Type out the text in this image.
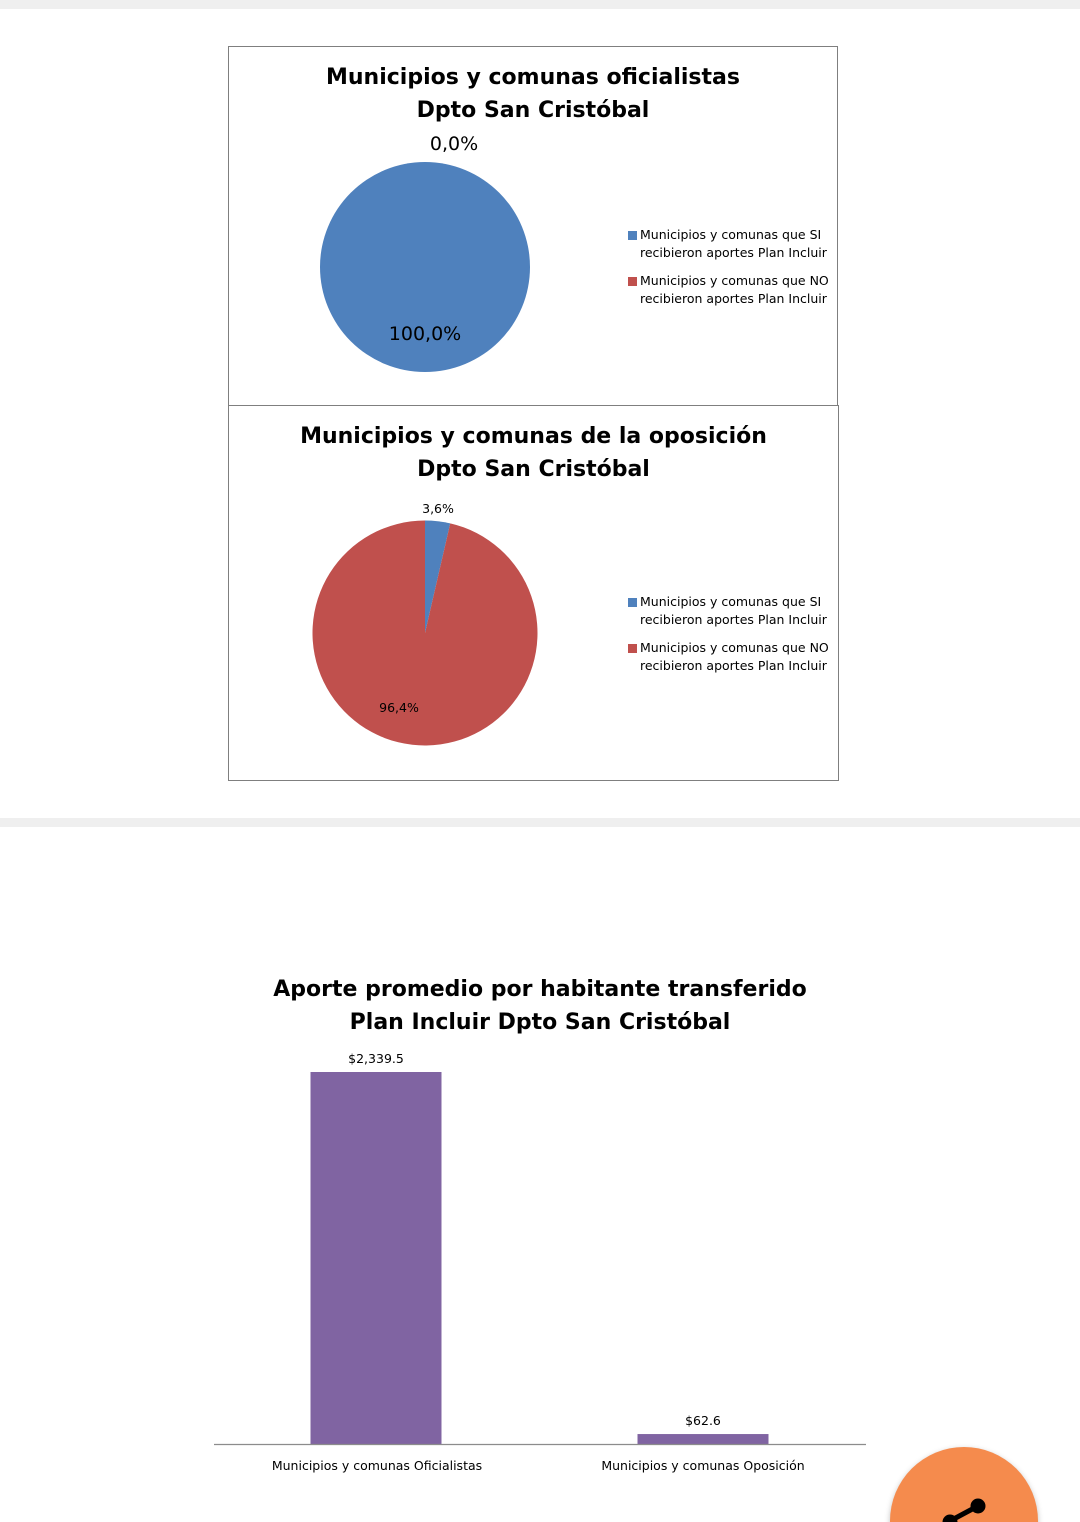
Municipios y comunas oficialistas
Dpto San Cristóbal
0,0%
100,0%
Municipios y comunas que SI
recibieron aportes Plan Incluir
Municipios y comunas que NO
recibieron aportes Plan Incluir
Municipios y comunas de la oposición
Dpto San Cristóbal
3,6%
96,4%
Municipios y comunas que SI
recibieron aportes Plan Incluir
Municipios y comunas que NO
recibieron aportes Plan Incluir
Aporte promedio por habitante transferido
Plan Incluir Dpto San Cristóbal
$2,339.5
Municipios y comunas Oficialistas
$62.6
Municipios y comunas Oposición
